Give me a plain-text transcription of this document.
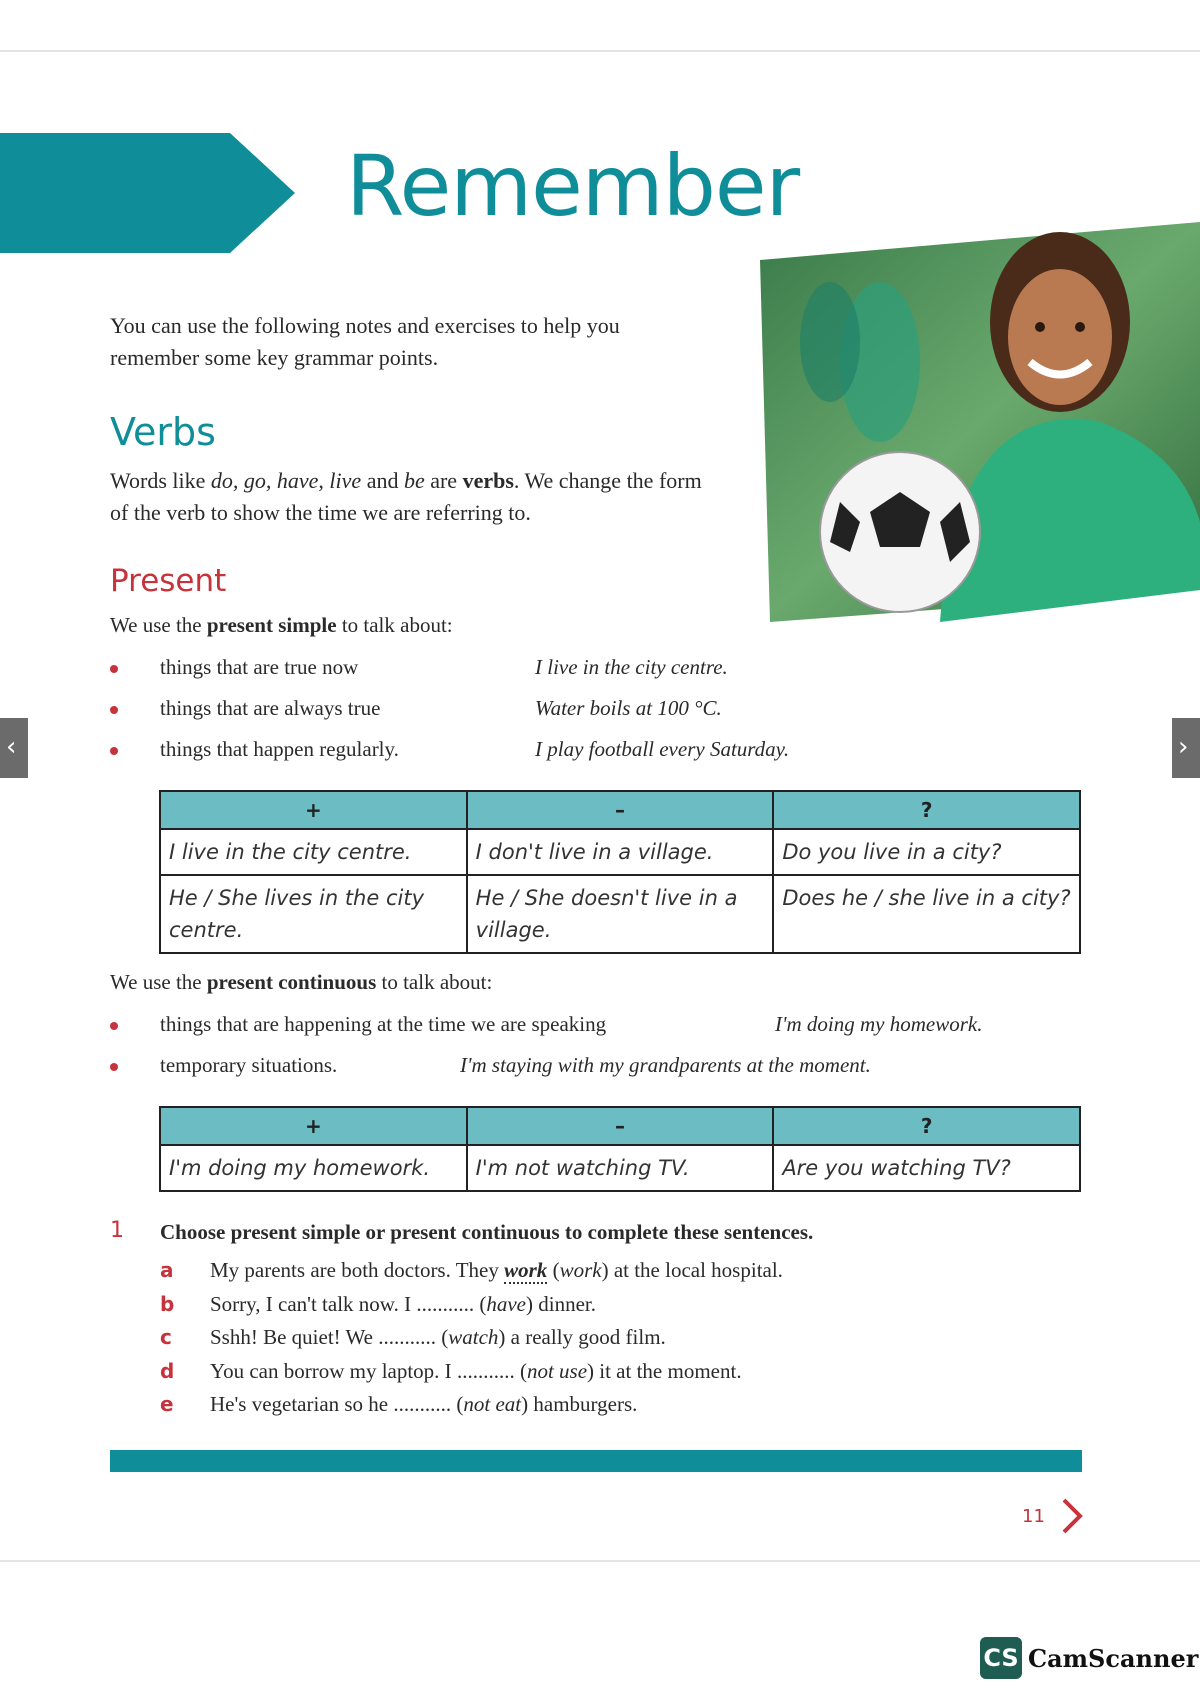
Remember

You can use the following notes and exercises to help you remember some key grammar points.

Verbs

Words like do, go, have, live and be are verbs. We change the form of the verb to show the time we are referring to.

Present
We use the present simple to talk about:
things that are true now	I live in the city centre.
things that are always true	Water boils at 100 °C.
things that happen regularly.	I play football every Saturday.
+	–	?
I live in the city centre.	I don't live in a village.	Do you live in a city?
He / She lives in the city centre.	He / She doesn't live in a village.	Does he / she live in a city?
We use the present continuous to talk about:
things that are happening at the time we are speaking	I'm doing my homework.
temporary situations.	I'm staying with my grandparents at the moment.
+	–	?
I'm doing my homework.	I'm not watching TV.	Are you watching TV?
1 Choose present simple or present continuous to complete these sentences.
a My parents are both doctors. They work (work) at the local hospital.
b Sorry, I can't talk now. I ........... (have) dinner.
c Sshh! Be quiet! We ........... (watch) a really good film.
d You can borrow my laptop. I ........... (not use) it at the moment.
e He's vegetarian so he ........... (not eat) hamburgers.
11
‹	›
CS CamScanner
